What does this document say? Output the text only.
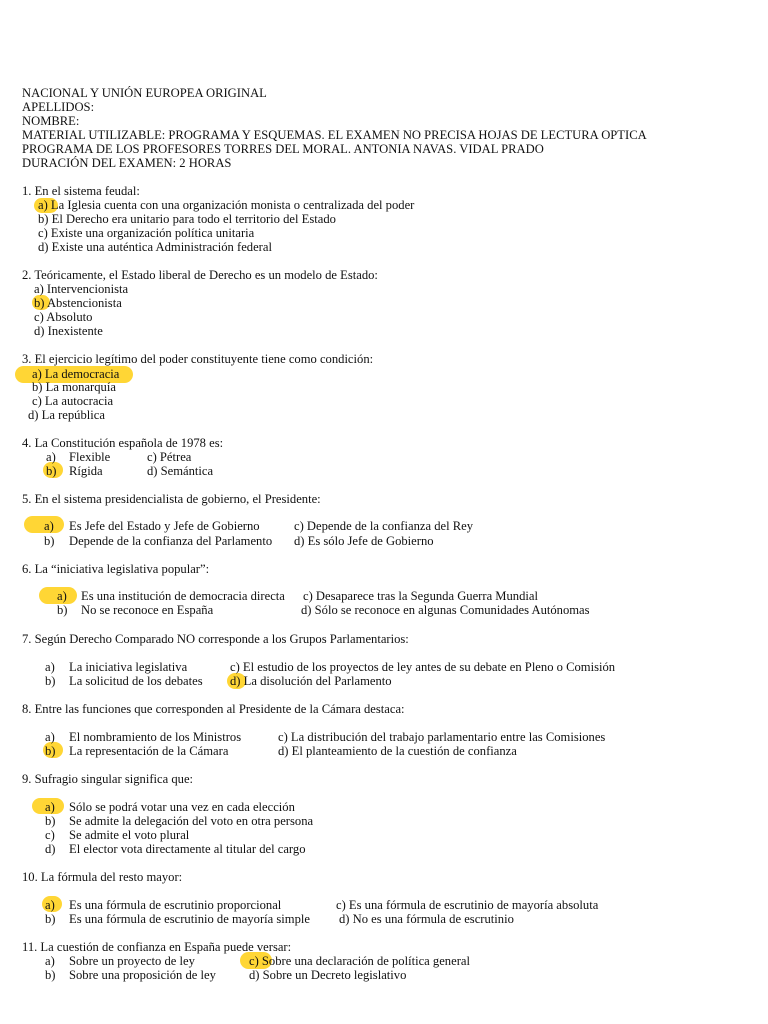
NACIONAL Y UNIÓN EUROPEA ORIGINAL
APELLIDOS:
NOMBRE:
MATERIAL UTILIZABLE: PROGRAMA Y ESQUEMAS. EL EXAMEN NO PRECISA HOJAS DE LECTURA OPTICA
PROGRAMA DE LOS PROFESORES TORRES DEL MORAL. ANTONIA NAVAS. VIDAL PRADO
DURACIÓN DEL EXAMEN: 2 HORAS
1. En el sistema feudal:
a) La Iglesia cuenta con una organización monista o centralizada del poder
b) El Derecho era unitario para todo el territorio del Estado
c) Existe una organización política unitaria
d) Existe una auténtica Administración federal
2. Teóricamente, el Estado liberal de Derecho es un modelo de Estado:
a) Intervencionista
b) Abstencionista
c) Absoluto
d) Inexistente
3. El ejercicio legítimo del poder constituyente tiene como condición:
a) La democracia
b) La monarquía
c) La autocracia
d) La república
4. La Constitución española de 1978 es:
a) Flexible	c) Pétrea
b) Rígida	d) Semántica
5. En el sistema presidencialista de gobierno, el Presidente:
a) Es Jefe del Estado y Jefe de Gobierno	c) Depende de la confianza del Rey
b) Depende de la confianza del Parlamento d) Es sólo Jefe de Gobierno
6. La “iniciativa legislativa popular”:
a) Es una institución de democracia directa c) Desaparece tras la Segunda Guerra Mundial
b) No se reconoce en España	d) Sólo se reconoce en algunas Comunidades Autónomas
7. Según Derecho Comparado NO corresponde a los Grupos Parlamentarios:
a) La iniciativa legislativa	c) El estudio de los proyectos de ley antes de su debate en Pleno o Comisión
b) La solicitud de los debates d) La disolución del Parlamento
8. Entre las funciones que corresponden al Presidente de la Cámara destaca:
a) El nombramiento de los Ministros	c) La distribución del trabajo parlamentario entre las Comisiones
b) La representación de la Cámara	d) El planteamiento de la cuestión de confianza
9. Sufragio singular significa que:
a) Sólo se podrá votar una vez en cada elección
b) Se admite la delegación del voto en otra persona
c) Se admite el voto plural
d) El elector vota directamente al titular del cargo
10. La fórmula del resto mayor:
a) Es una fórmula de escrutinio proporcional	c) Es una fórmula de escrutinio de mayoría absoluta
b) Es una fórmula de escrutinio de mayoría simple d) No es una fórmula de escrutinio
11. La cuestión de confianza en España puede versar:
a) Sobre un proyecto de ley	c) Sobre una declaración de política general
b) Sobre una proposición de ley	d) Sobre un Decreto legislativo
